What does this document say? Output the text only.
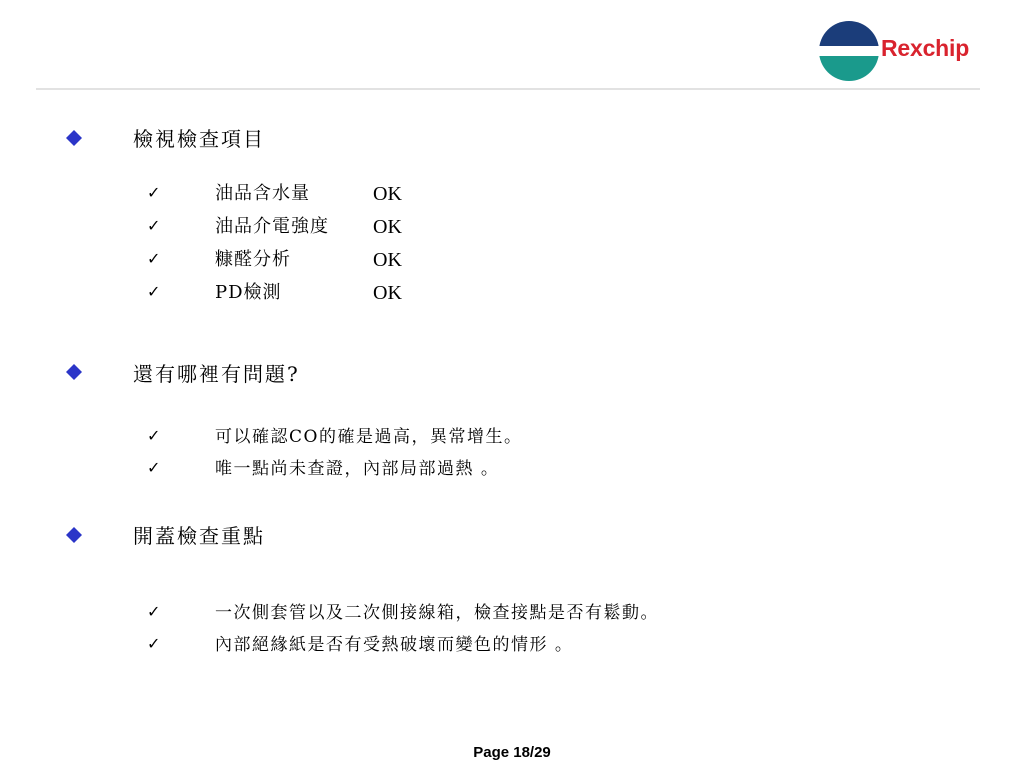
Rexchip
檢視檢查項目
✓	油品含水量	OK
✓	油品介電強度 OK
✓	糠醛分析	OK
✓	PD檢測	OK
還有哪裡有問題?
✓	可以確認CO的確是過高，異常增生。
✓	唯一點尚未查證，內部局部過熱 。
開蓋檢查重點
✓	一次側套管以及二次側接線箱，檢查接點是否有鬆動。
✓	內部絕緣紙是否有受熱破壞而變色的情形 。
Page 18/29
